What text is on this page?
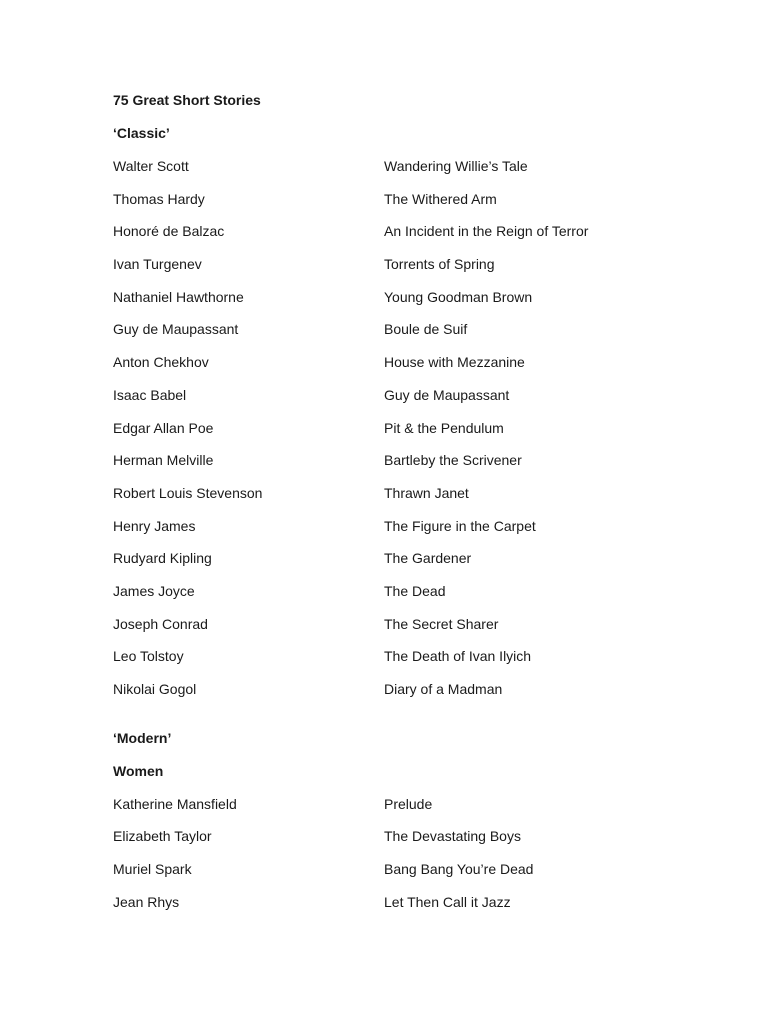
75 Great Short Stories
‘Classic’
Walter Scott	Wandering Willie’s Tale
Thomas Hardy	The Withered Arm
Honoré de Balzac	An Incident in the Reign of Terror
Ivan Turgenev	Torrents of Spring
Nathaniel Hawthorne	Young Goodman Brown
Guy de Maupassant	Boule de Suif
Anton Chekhov	House with Mezzanine
Isaac Babel	Guy de Maupassant
Edgar Allan Poe	Pit & the Pendulum
Herman Melville	Bartleby the Scrivener
Robert Louis Stevenson	Thrawn Janet
Henry James	The Figure in the Carpet
Rudyard Kipling	The Gardener
James Joyce	The Dead
Joseph Conrad	The Secret Sharer
Leo Tolstoy	The Death of Ivan Ilyich
Nikolai Gogol	Diary of a Madman
‘Modern’
Women
Katherine Mansfield	Prelude
Elizabeth Taylor	The Devastating Boys
Muriel Spark	Bang Bang You’re Dead
Jean Rhys	Let Then Call it Jazz
